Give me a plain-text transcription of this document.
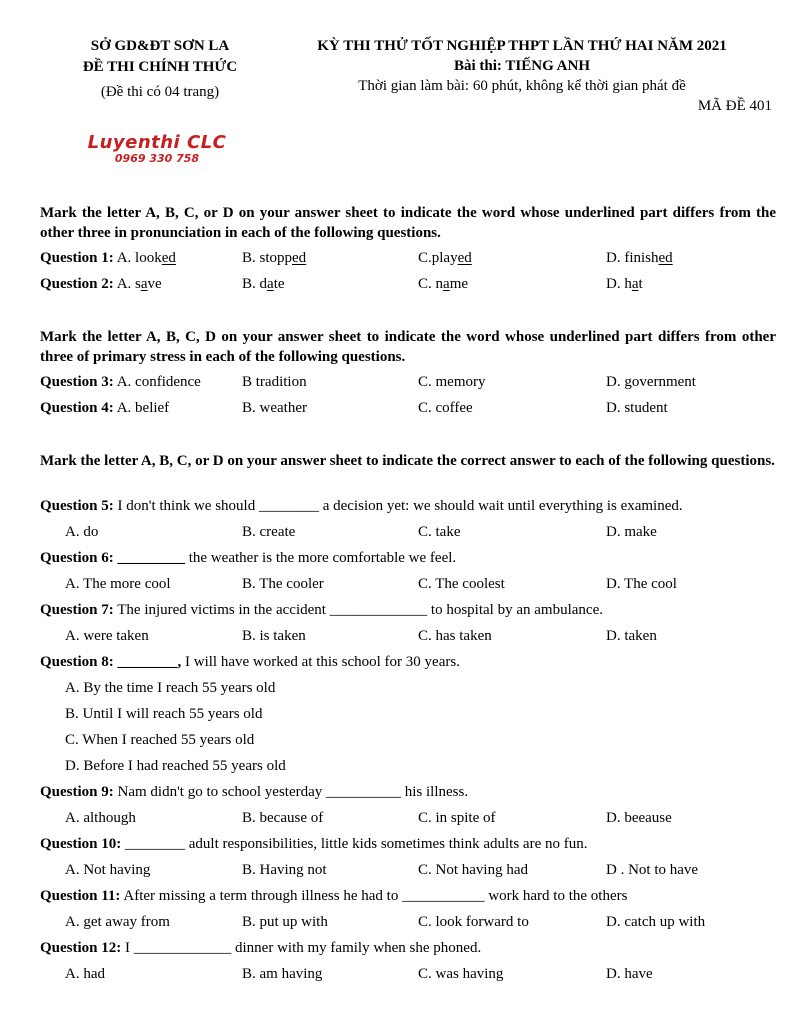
SỞ GD&ĐT SƠN LA
ĐỀ THI CHÍNH THỨC
(Đề thi có 04 trang)
KỲ THI THỬ TỐT NGHIỆP THPT LẦN THỨ HAI NĂM 2021
Bài thi: TIẾNG ANH
Thời gian làm bài: 60 phút, không kể thời gian phát đề
MÃ ĐỀ 401
Luyenthi CLC
0969 330 758
Mark the letter A, B, C, or D on your answer sheet to indicate the word whose underlined part differs from the other three in pronunciation in each of the following questions.
Question 1: A. looked	B. stopped	C.played	D. finished
Question 2: A. save	B. date	C. name	D. hat
Mark the letter A, B, C, D on your answer sheet to indicate the word whose underlined part differs from other three of primary stress in each of the following questions.
Question 3: A. confidence	B tradition	C. memory	D. government
Question 4: A. belief	B. weather	C. coffee	D. student
Mark the letter A, B, C, or D on your answer sheet to indicate the correct answer to each of the following questions.
Question 5: I don't think we should ________ a decision yet: we should wait until everything is examined.
A. do	B. create	C. take	D. make
Question 6: _________ the weather is the more comfortable we feel.
A. The more cool	B. The cooler	C. The coolest	D. The cool
Question 7: The injured victims in the accident _____________ to hospital by an ambulance.
A. were taken	B. is taken	C. has taken	D. taken
Question 8: ________, I will have worked at this school for 30 years.
A. By the time I reach 55 years old
B. Until I will reach 55 years old
C. When I reached 55 years old
D. Before I had reached 55 years old
Question 9: Nam didn't go to school yesterday __________ his illness.
A. although	B. because of	C. in spite of	D. beeause
Question 10: ________ adult responsibilities, little kids sometimes think adults are no fun.
A. Not having	B. Having not	C. Not having had	D . Not to have
Question 11: After missing a term through illness he had to ___________ work hard to the others
A. get away from	B. put up with	C. look forward to	D. catch up with
Question 12: I _____________ dinner with my family when she phoned.
A. had	B. am having	C. was having	D. have
